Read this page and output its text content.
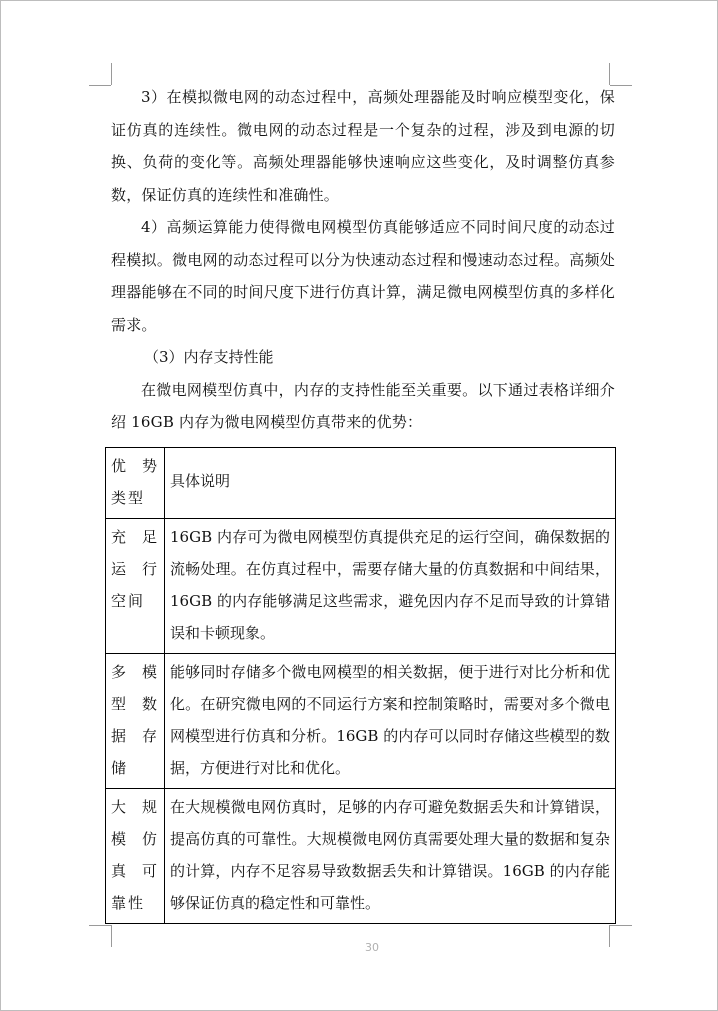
3）在模拟微电网的动态过程中，高频处理器能及时响应模型变化，保证仿真的连续性。微电网的动态过程是一个复杂的过程，涉及到电源的切换、负荷的变化等。高频处理器能够快速响应这些变化，及时调整仿真参数，保证仿真的连续性和准确性。

4）高频运算能力使得微电网模型仿真能够适应不同时间尺度的动态过程模拟。微电网的动态过程可以分为快速动态过程和慢速动态过程。高频处理器能够在不同的时间尺度下进行仿真计算，满足微电网模型仿真的多样化需求。

（3）内存支持性能

在微电网模型仿真中，内存的支持性能至关重要。以下通过表格详细介绍 16GB 内存为微电网模型仿真带来的优势：

优势类型	具体说明
充足运行空间	16GB 内存可为微电网模型仿真提供充足的运行空间，确保数据的流畅处理。在仿真过程中，需要存储大量的仿真数据和中间结果，16GB 的内存能够满足这些需求，避免因内存不足而导致的计算错误和卡顿现象。
多模型数据存储	能够同时存储多个微电网模型的相关数据，便于进行对比分析和优化。在研究微电网的不同运行方案和控制策略时，需要对多个微电网模型进行仿真和分析。16GB 的内存可以同时存储这些模型的数据，方便进行对比和优化。
大规模仿真可靠性	在大规模微电网仿真时，足够的内存可避免数据丢失和计算错误，提高仿真的可靠性。大规模微电网仿真需要处理大量的数据和复杂的计算，内存不足容易导致数据丢失和计算错误。16GB 的内存能够保证仿真的稳定性和可靠性。
30
